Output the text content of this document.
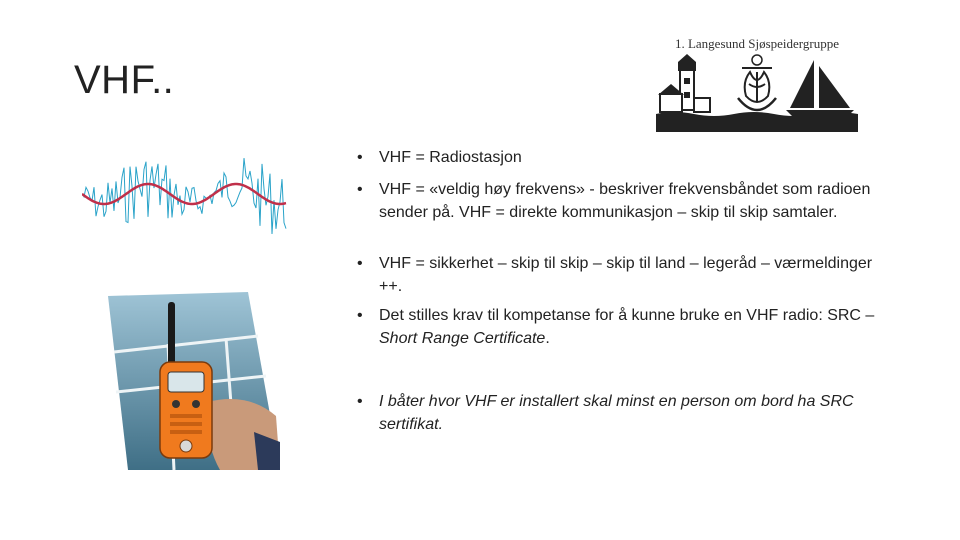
VHF..
1. Langesund Sjøspeidergruppe
• VHF = Radiostasjon
• VHF = «veldig høy frekvens» - beskriver frekvensbåndet som radioen sender på. VHF = direkte kommunikasjon – skip til skip samtaler.
• VHF = sikkerhet – skip til skip – skip til land – legeråd – værmeldinger ++.
• Det stilles krav til kompetanse for å kunne bruke en VHF radio: SRC – Short Range Certificate.
• I båter hvor VHF er installert skal minst en person om bord ha SRC sertifikat.
